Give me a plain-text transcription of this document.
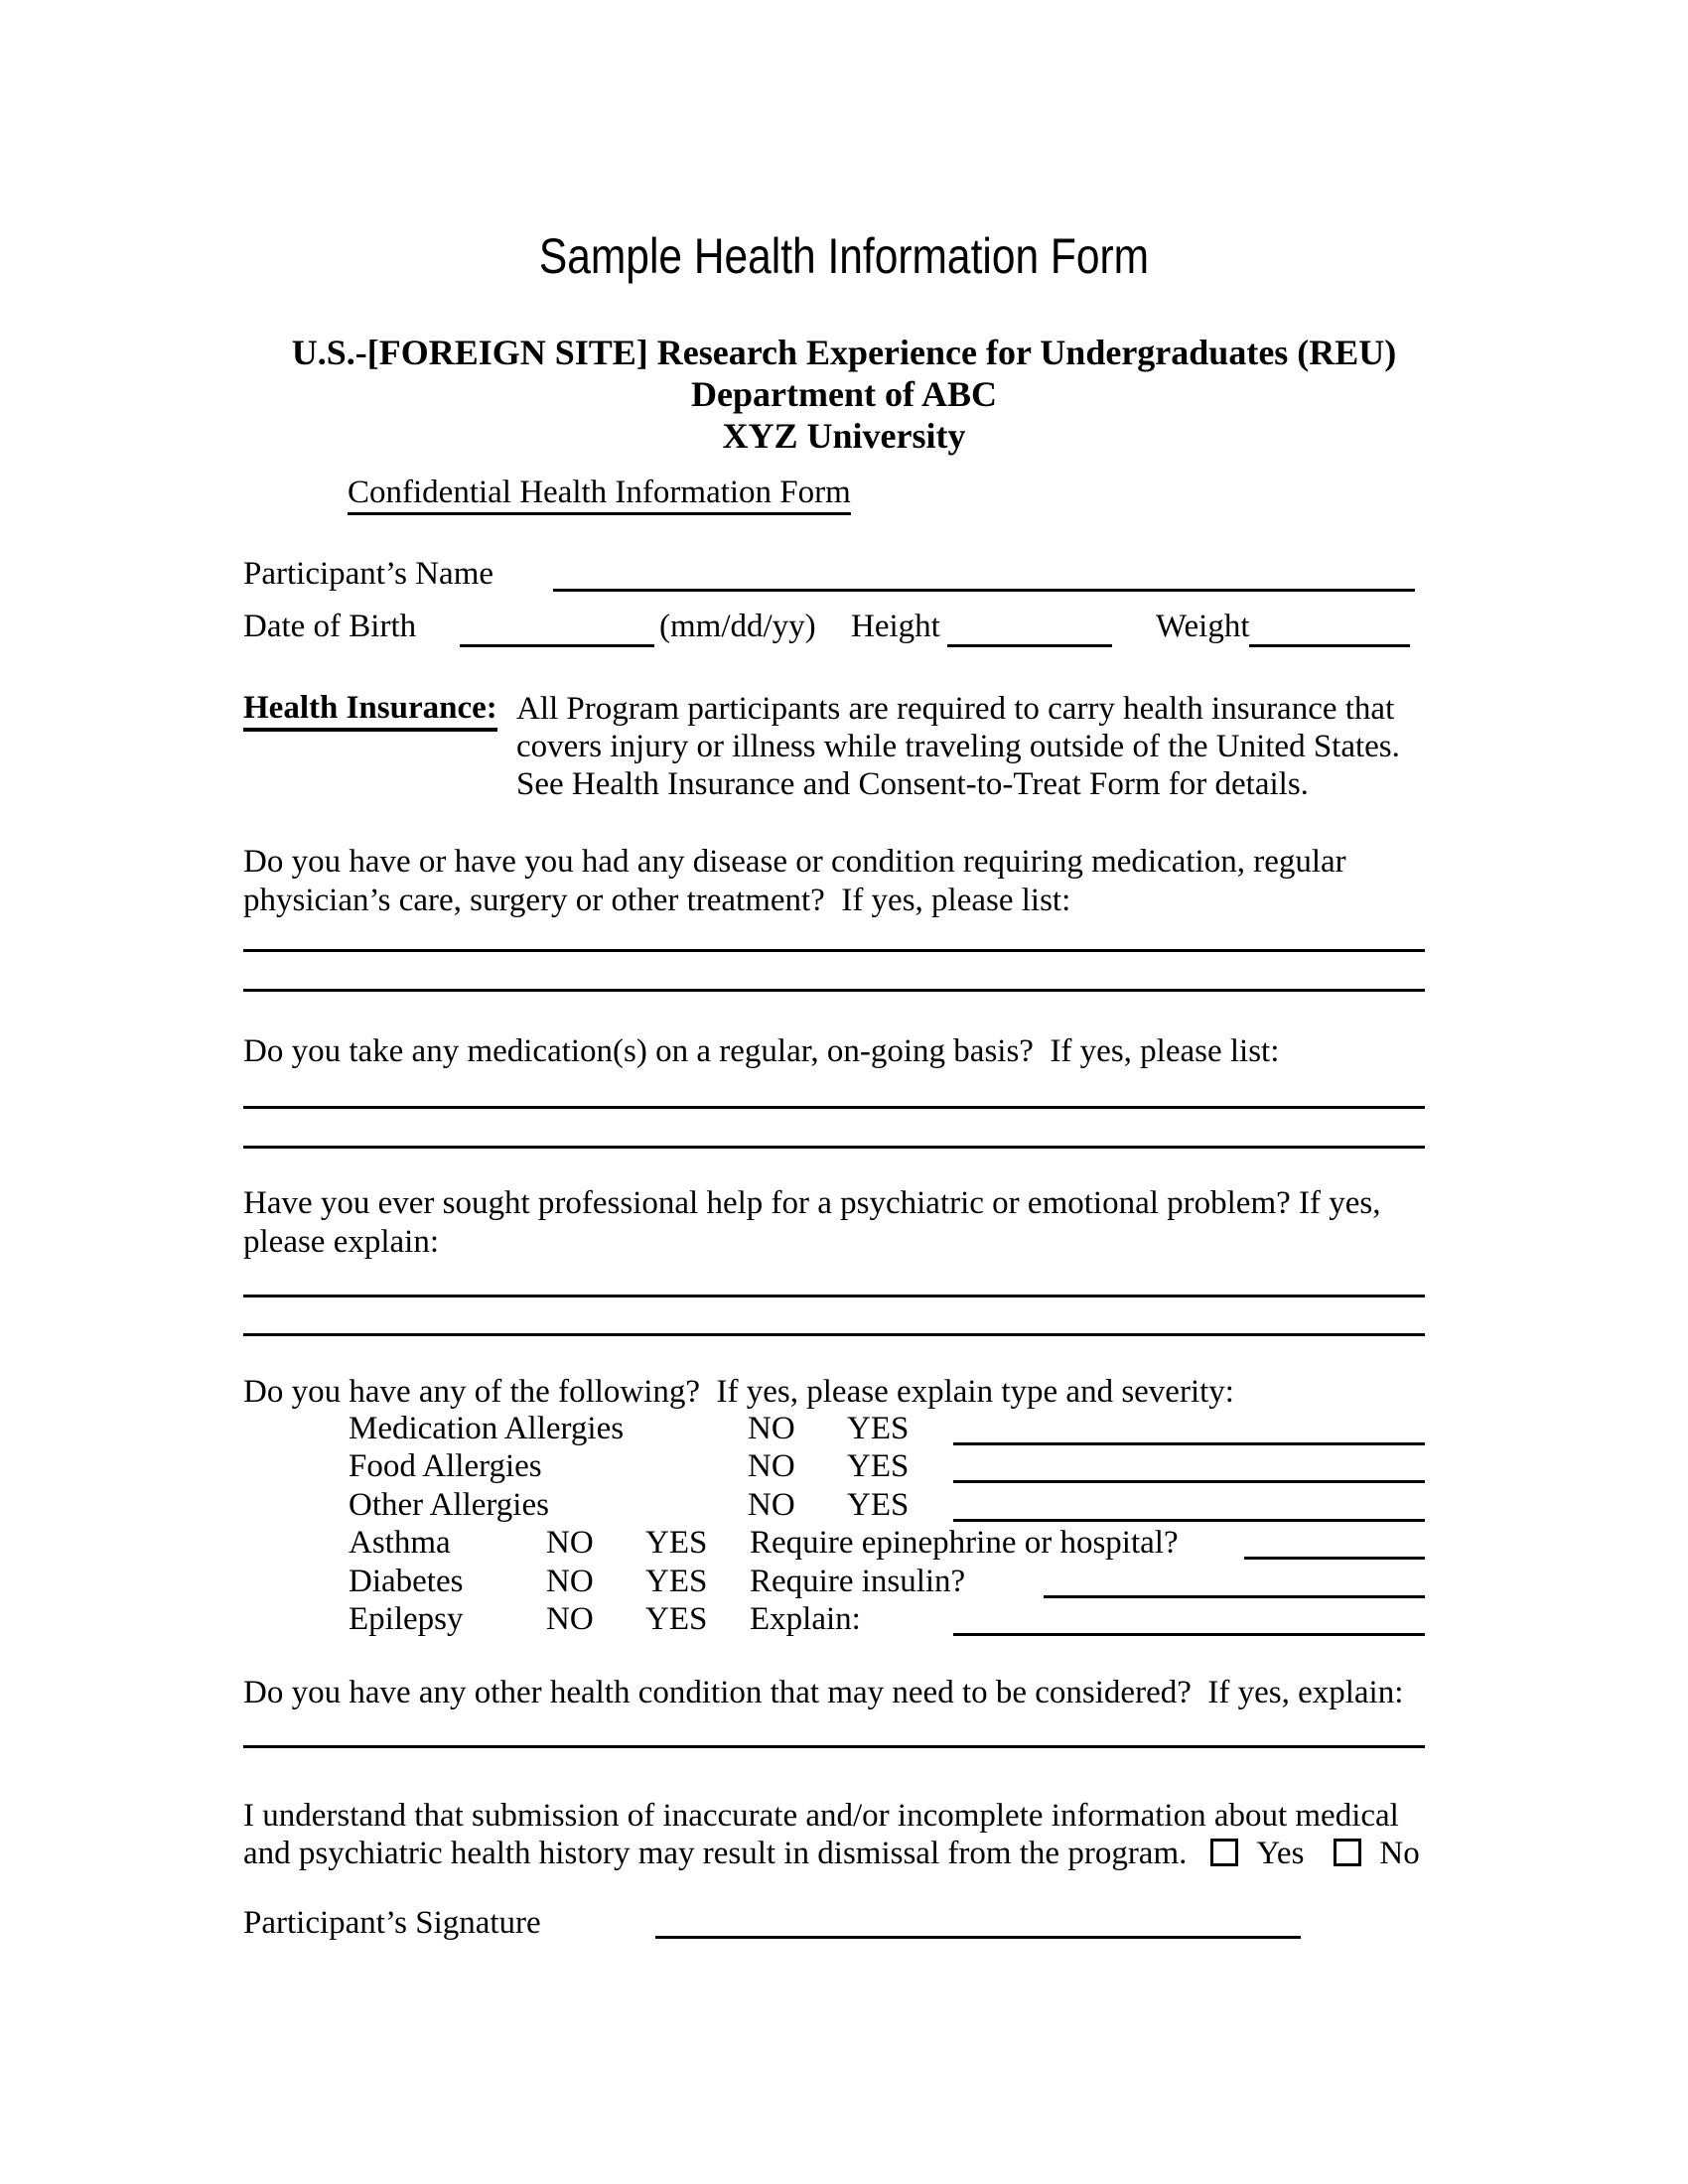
Sample Health Information Form
U.S.-[FOREIGN SITE] Research Experience for Undergraduates (REU)
Department of ABC
XYZ University
Confidential Health Information Form
Participant’s Name
Date of Birth	(mm/dd/yy) Height	Weight
Health Insurance: All Program participants are required to carry health insurance that
covers injury or illness while traveling outside of the United States.
See Health Insurance and Consent-to-Treat Form for details.
Do you have or have you had any disease or condition requiring medication, regular
physician’s care, surgery or other treatment?  If yes, please list:
Do you take any medication(s) on a regular, on-going basis?  If yes, please list:
Have you ever sought professional help for a psychiatric or emotional problem? If yes,
please explain:
Do you have any of the following?  If yes, please explain type and severity:
Medication Allergies	NO YES
Food Allergies	NO YES
Other Allergies	NO YES
Asthma	NO YES Require epinephrine or hospital?
Diabetes	NO YES Require insulin?
Epilepsy	NO YES Explain:
Do you have any other health condition that may need to be considered?  If yes, explain:
I understand that submission of inaccurate and/or incomplete information about medical
and psychiatric health history may result in dismissal from the program. Yes No
Participant’s Signature
